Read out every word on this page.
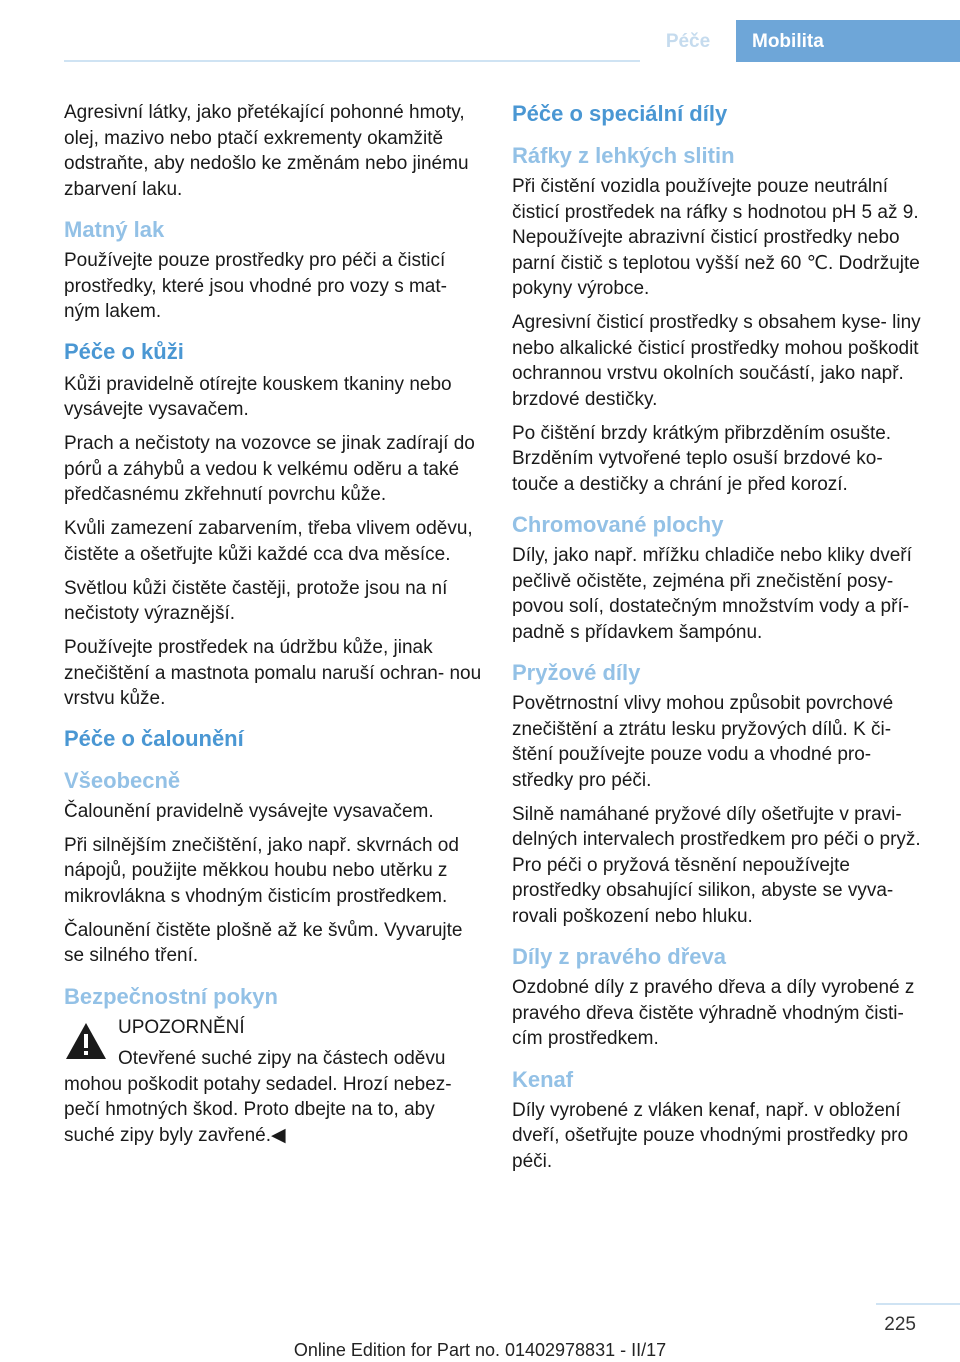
Péče	Mobilita

Agresivní látky, jako přetékající pohonné hmoty, olej, mazivo nebo ptačí exkrementy okamžitě odstraňte, aby nedošlo ke změnám nebo jinému zbarvení laku.

Matný lak

Používejte pouze prostředky pro péči a čisticí prostředky, které jsou vhodné pro vozy s mat‐ ným lakem.

Péče o kůži

Kůži pravidelně otírejte kouskem tkaniny nebo vysávejte vysavačem.

Prach a nečistoty na vozovce se jinak zadírají do pórů a záhybů a vedou k velkému oděru a také předčasnému zkřehnutí povrchu kůže.

Kvůli zamezení zabarvením, třeba vlivem oděvu, čistěte a ošetřujte kůži každé cca dva měsíce.

Světlou kůži čistěte častěji, protože jsou na ní nečistoty výraznější.

Používejte prostředek na údržbu kůže, jinak znečištění a mastnota pomalu naruší ochran‐ nou vrstvu kůže.

Péče o čalounění
Všeobecně

Čalounění pravidelně vysávejte vysavačem.

Při silnějším znečištění, jako např. skvrnách od nápojů, použijte měkkou houbu nebo utěrku z mikrovlákna s vhodným čisticím prostředkem.

Čalounění čistěte plošně až ke švům. Vyvarujte se silného tření.

Bezpečnostní pokyn

UPOZORNĚNÍ

Otevřené suché zipy na částech oděvu
mohou poškodit potahy sedadel. Hrozí nebez‐ pečí hmotných škod. Proto dbejte na to, aby suché zipy byly zavřené.◀

Péče o speciální díly
Ráfky z lehkých slitin

Při čistění vozidla používejte pouze neutrální čisticí prostředek na ráfky s hodnotou pH 5 až 9. Nepoužívejte abrazivní čisticí prostředky nebo parní čistič s teplotou vyšší než 60 ℃. Dodržujte pokyny výrobce.

Agresivní čisticí prostředky s obsahem kyse‐ liny nebo alkalické čisticí prostředky mohou poškodit ochrannou vrstvu okolních součástí, jako např. brzdové destičky.

Po čištění brzdy krátkým přibrzděním osušte. Brzděním vytvořené teplo osuší brzdové ko‐ touče a destičky a chrání je před korozí.

Chromované plochy

Díly, jako např. mřížku chladiče nebo kliky dveří pečlivě očistěte, zejména při znečistění posy‐ povou solí, dostatečným množstvím vody a pří‐ padně s přídavkem šampónu.

Pryžové díly

Povětrnostní vlivy mohou způsobit povrchové znečištění a ztrátu lesku pryžových dílů. K či‐ štění používejte pouze vodu a vhodné pro‐ středky pro péči.

Silně namáhané pryžové díly ošetřujte v pravi‐ delných intervalech prostředkem pro péči o pryž. Pro péči o pryžová těsnění nepoužívejte prostředky obsahující silikon, abyste se vyva‐ rovali poškození nebo hluku.

Díly z pravého dřeva

Ozdobné díly z pravého dřeva a díly vyrobené z pravého dřeva čistěte výhradně vhodným čisti‐ cím prostředkem.

Kenaf

Díly vyrobené z vláken kenaf, např. v obložení dveří, ošetřujte pouze vhodnými prostředky pro péči.

225
Online Edition for Part no. 01402978831 - II/17
